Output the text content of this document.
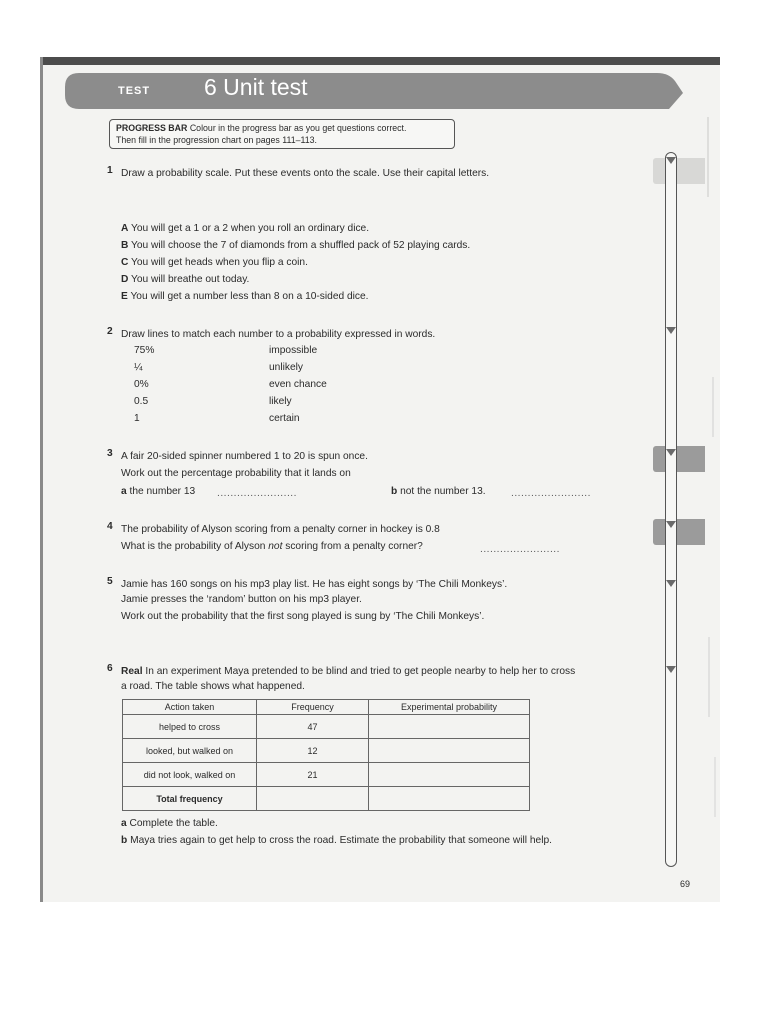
TEST 6 Unit test
PROGRESS BAR Colour in the progress bar as you get questions correct.
Then fill in the progression chart on pages 111–113.
1 Draw a probability scale. Put these events onto the scale. Use their capital letters.
A You will get a 1 or a 2 when you roll an ordinary dice.
B You will choose the 7 of diamonds from a shuffled pack of 52 playing cards.
C You will get heads when you flip a coin.
D You will breathe out today.
E You will get a number less than 8 on a 10-sided dice.
2 Draw lines to match each number to a probability expressed in words.
75%
¼
0%
0.5
1
impossible
unlikely
even chance
likely
certain
3 A fair 20-sided spinner numbered 1 to 20 is spun once.
Work out the percentage probability that it lands on
a the number 13 ........................	b not the number 13. ........................
4 The probability of Alyson scoring from a penalty corner in hockey is 0.8
What is the probability of Alyson not scoring from a penalty corner?	........................
5 Jamie has 160 songs on his mp3 play list. He has eight songs by ‘The Chili Monkeys’.
Jamie presses the ‘random’ button on his mp3 player.
Work out the probability that the first song played is sung by ‘The Chili Monkeys’.
6 Real In an experiment Maya pretended to be blind and tried to get people nearby to help her to cross
a road. The table shows what happened.
Action taken	Frequency	Experimental probability
helped to cross	47	
looked, but walked on	12	
did not look, walked on	21	
Total frequency		
a Complete the table.
b Maya tries again to get help to cross the road. Estimate the probability that someone will help.
69
